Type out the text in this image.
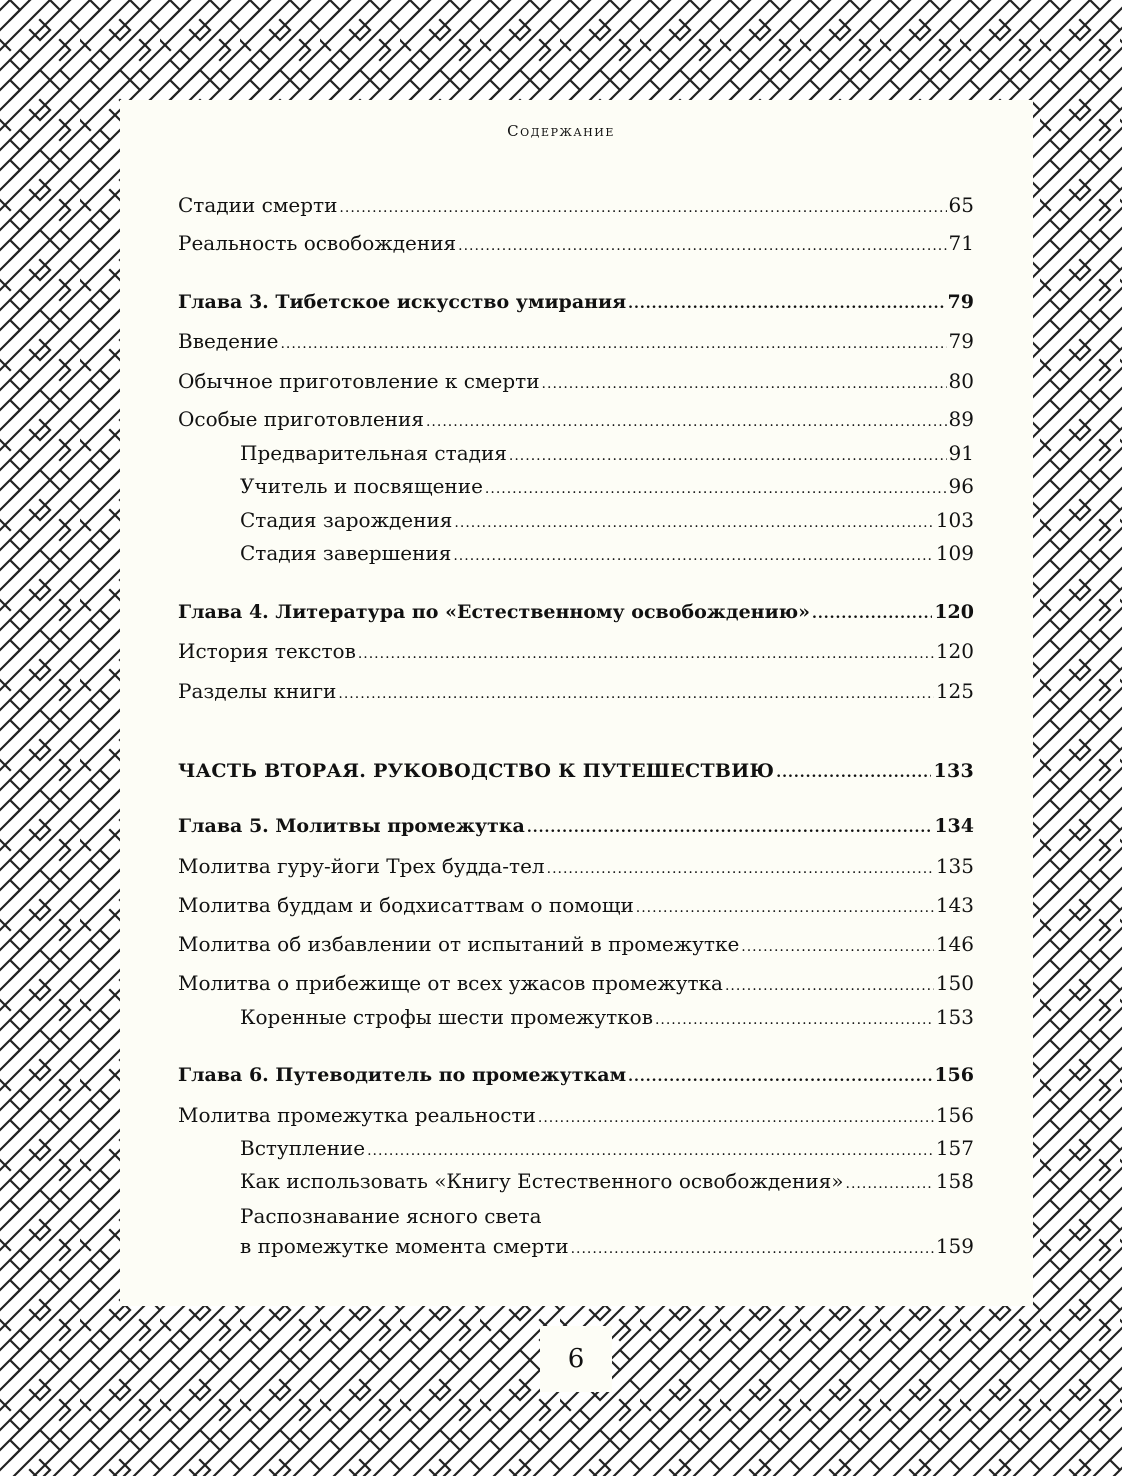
6
Содержание
Стадии смерти .....	65
Реальность освобождения .....	71
Глава 3. Тибетское искусство умирания .....	79
Введение .....	79
Обычное приготовление к смерти .....	80
Особые приготовления .....	89
Предварительная стадия .....	91
Учитель и посвящение .....	96
Стадия зарождения .....	103
Стадия завершения .....	109
Глава 4. Литература по «Естественному освобождению» .....	120
История текстов .....	120
Разделы книги .....	125
ЧАСТЬ ВТОРАЯ. РУКОВОДСТВО К ПУТЕШЕСТВИЮ .....	133
Глава 5. Молитвы промежутка .....	134
Молитва гуру-йоги Трех будда-тел .....	135
Молитва буддам и бодхисаттвам о помощи .....	143
Молитва об избавлении от испытаний в промежутке .....	146
Молитва о прибежище от всех ужасов промежутка .....	150
Коренные строфы шести промежутков .....	153
Глава 6. Путеводитель по промежуткам .....	156
Молитва промежутка реальности .....	156
Вступление .....	157
Как использовать «Книгу Естественного освобождения» .....	158
Распознавание ясного света
в промежутке момента смерти .....	159
